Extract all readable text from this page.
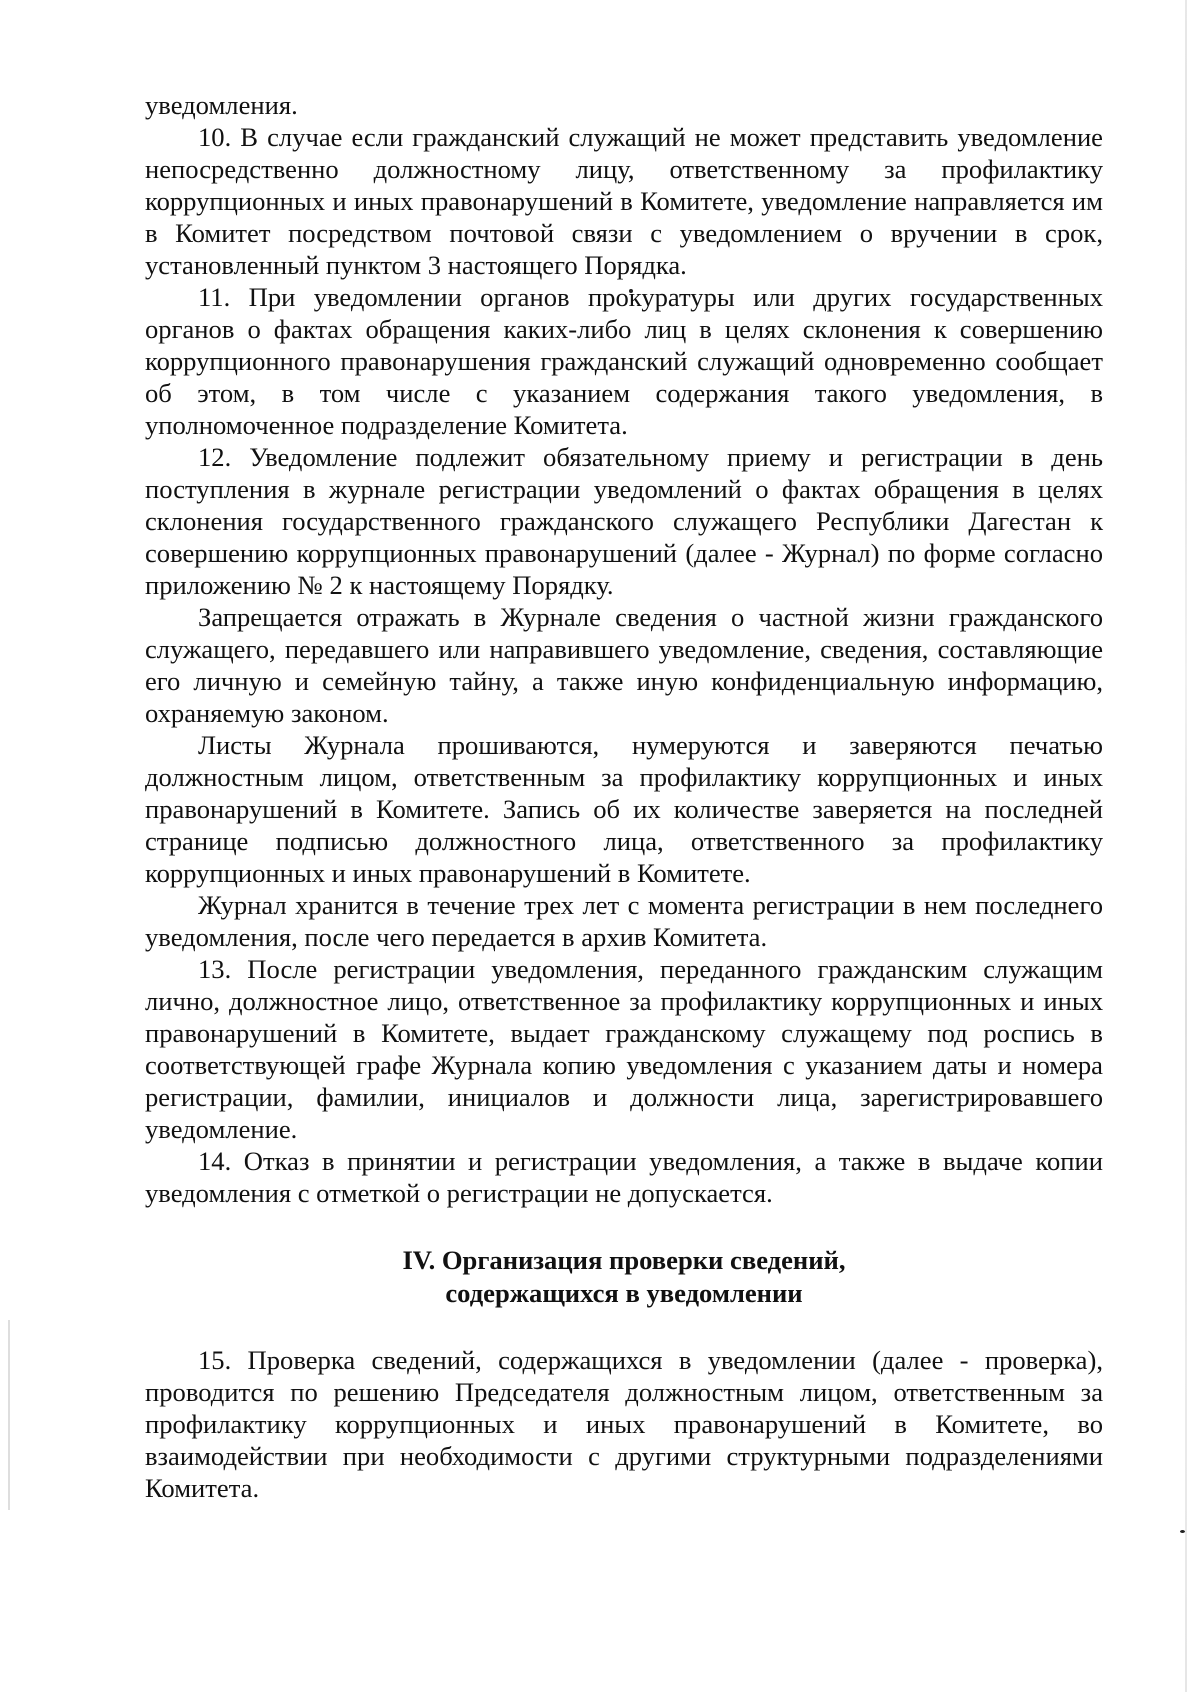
уведомления.

10. В случае если гражданский служащий не может представить уведомление непосредственно должностному лицу, ответственному за профилактику коррупционных и иных правонарушений в Комитете, уведомление направляется им в Комитет посредством почтовой связи с уведомлением о вручении в срок, установленный пунктом 3 настоящего Порядка.

11. При уведомлении органов прокуратуры или других государственных органов о фактах обращения каких-либо лиц в целях склонения к совершению коррупционного правонарушения гражданский служащий одновременно сообщает об этом, в том числе с указанием содержания такого уведомления, в уполномоченное подразделение Комитета.

12. Уведомление подлежит обязательному приему и регистрации в день поступления в журнале регистрации уведомлений о фактах обращения в целях склонения государственного гражданского служащего Республики Дагестан к совершению коррупционных правонарушений (далее - Журнал) по форме согласно приложению № 2 к настоящему Порядку.

Запрещается отражать в Журнале сведения о частной жизни гражданского служащего, передавшего или направившего уведомление, сведения, составляющие его личную и семейную тайну, а также иную конфиденциальную информацию, охраняемую законом.

Листы Журнала прошиваются, нумеруются и заверяются печатью должностным лицом, ответственным за профилактику коррупционных и иных правонарушений в Комитете. Запись об их количестве заверяется на последней странице подписью должностного лица, ответственного за профилактику коррупционных и иных правонарушений в Комитете.

Журнал хранится в течение трех лет с момента регистрации в нем последнего уведомления, после чего передается в архив Комитета.

13. После регистрации уведомления, переданного гражданским служащим лично, должностное лицо, ответственное за профилактику коррупционных и иных правонарушений в Комитете, выдает гражданскому служащему под роспись в соответствующей графе Журнала копию уведомления с указанием даты и номера регистрации, фамилии, инициалов и должности лица, зарегистрировавшего уведомление.

14. Отказ в принятии и регистрации уведомления, а также в выдаче копии уведомления с отметкой о регистрации не допускается.

IV. Организация проверки сведений,
содержащихся в уведомлении

15. Проверка сведений, содержащихся в уведомлении (далее - проверка), проводится по решению Председателя должностным лицом, ответственным за профилактику коррупционных и иных правонарушений в Комитете, во взаимодействии при необходимости с другими структурными подразделениями Комитета.
